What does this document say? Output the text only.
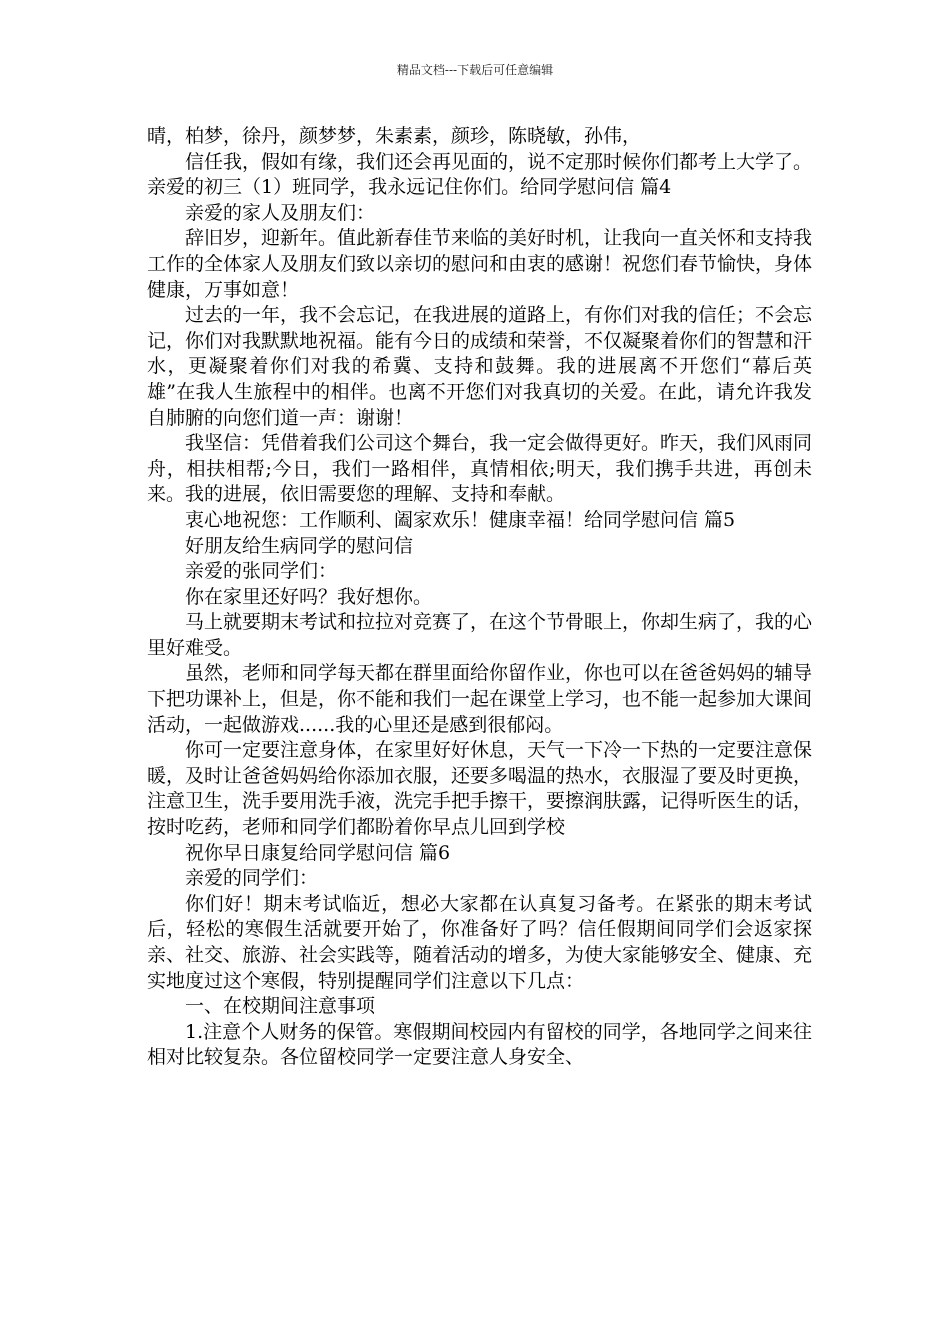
精品文档---下载后可任意编辑

晴，柏梦，徐丹，颜梦梦，朱素素，颜珍，陈晓敏，孙伟，

信任我，假如有缘，我们还会再见面的，说不定那时候你们都考上大学了。亲爱的初三（1）班同学，我永远记住你们。给同学慰问信 篇4

亲爱的家人及朋友们：

辞旧岁，迎新年。值此新春佳节来临的美好时机，让我向一直关怀和支持我工作的全体家人及朋友们致以亲切的慰问和由衷的感谢！祝您们春节愉快，身体健康，万事如意！

过去的一年，我不会忘记，在我进展的道路上，有你们对我的信任；不会忘记，你们对我默默地祝福。能有今日的成绩和荣誉，不仅凝聚着你们的智慧和汗水，更凝聚着你们对我的希冀、支持和鼓舞。我的进展离不开您们“幕后英雄”在我人生旅程中的相伴。也离不开您们对我真切的关爱。在此，请允许我发自肺腑的向您们道一声：谢谢！

我坚信：凭借着我们公司这个舞台，我一定会做得更好。昨天，我们风雨同舟，相扶相帮;今日，我们一路相伴，真情相依;明天，我们携手共进，再创未来。我的进展，依旧需要您的理解、支持和奉献。

衷心地祝您：工作顺利、阖家欢乐！健康幸福！给同学慰问信 篇5

好朋友给生病同学的慰问信

亲爱的张同学们：

你在家里还好吗？我好想你。

马上就要期末考试和拉拉对竞赛了，在这个节骨眼上，你却生病了，我的心里好难受。

虽然，老师和同学每天都在群里面给你留作业，你也可以在爸爸妈妈的辅导下把功课补上，但是，你不能和我们一起在课堂上学习，也不能一起参加大课间活动，一起做游戏......我的心里还是感到很郁闷。

你可一定要注意身体，在家里好好休息，天气一下冷一下热的一定要注意保暖，及时让爸爸妈妈给你添加衣服，还要多喝温的热水，衣服湿了要及时更换，注意卫生，洗手要用洗手液，洗完手把手擦干，要擦润肤露，记得听医生的话，按时吃药，老师和同学们都盼着你早点儿回到学校

祝你早日康复给同学慰问信 篇6

亲爱的同学们：

你们好！期末考试临近，想必大家都在认真复习备考。在紧张的期末考试后，轻松的寒假生活就要开始了，你准备好了吗？信任假期间同学们会返家探亲、社交、旅游、社会实践等，随着活动的增多，为使大家能够安全、健康、充实地度过这个寒假，特别提醒同学们注意以下几点：

一、在校期间注意事项

1.注意个人财务的保管。寒假期间校园内有留校的同学，各地同学之间来往相对比较复杂。各位留校同学一定要注意人身安全、
